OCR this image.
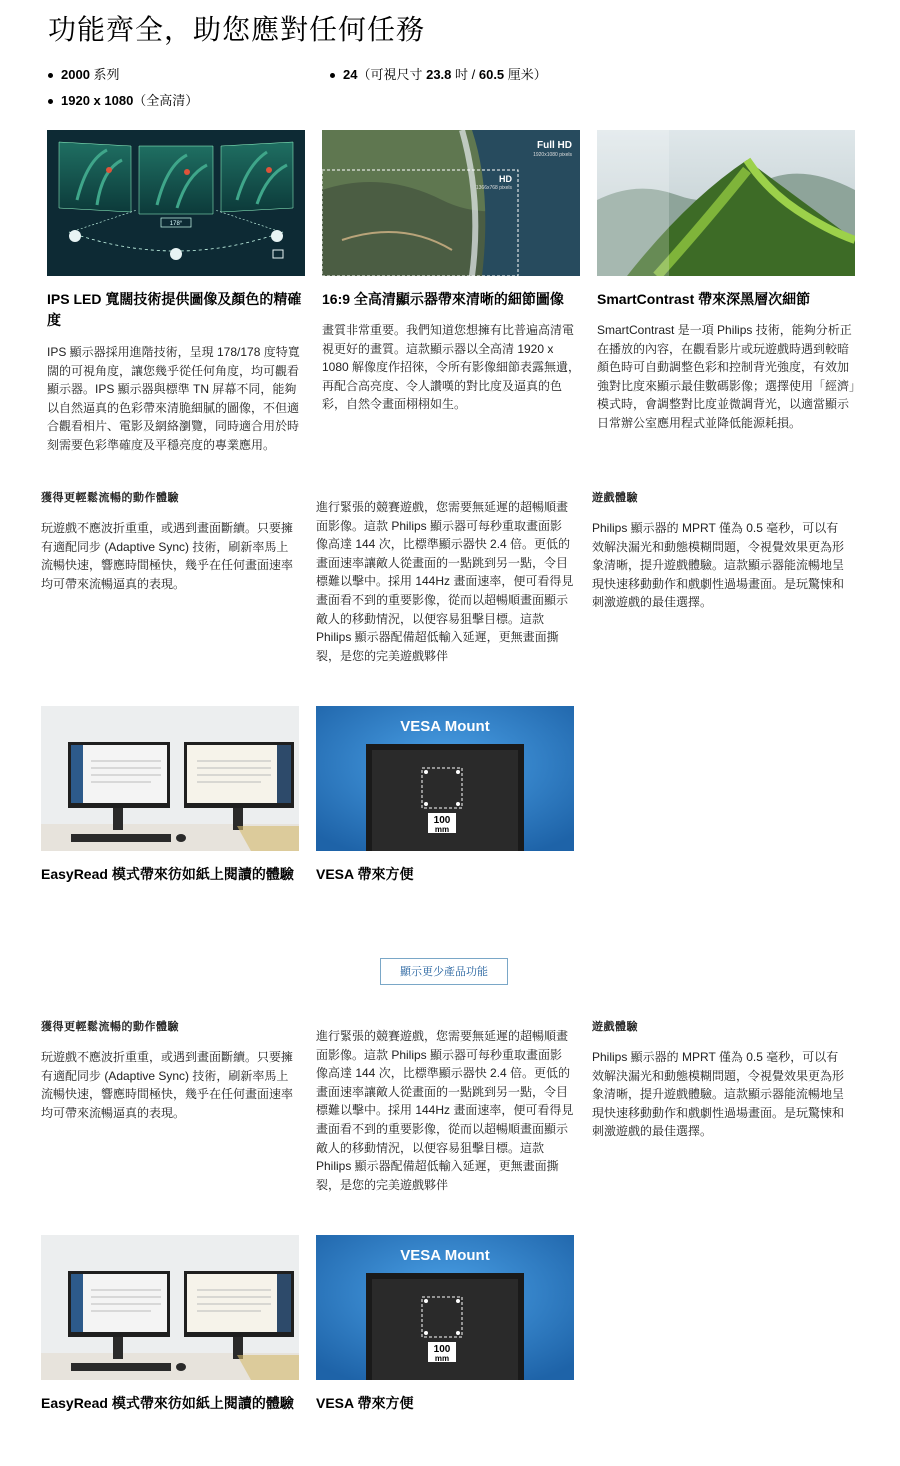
功能齊全，助您應對任何任務
2000 系列	24（可視尺寸 23.8 吋 / 60.5 厘米）
1920 x 1080（全高清）
178°
Full HD
1920x1080 pixels
HD
1366x768 pixels

IPS LED 寬闊技術提供圖像及顏色的精確度

16:9 全高清顯示器帶來清晰的細節圖像	SmartContrast 帶來深黑層次細節

IPS 顯示器採用進階技術，呈現 178/178 度特寬闊的可視角度，讓您幾乎從任何角度，均可觀看顯示器。IPS 顯示器與標準 TN 屏幕不同，能夠以自然逼真的色彩帶來清脆細膩的圖像，不但適合觀看相片、電影及網絡瀏覽，同時適合用於時刻需要色彩準確度及平穩亮度的專業應用。

畫質非常重要。我們知道您想擁有比普遍高清電視更好的畫質。這款顯示器以全高清 1920 x 1080 解像度作招徠，令所有影像細節表露無遺，再配合高亮度、令人讚嘆的對比度及逼真的色彩，自然令畫面栩栩如生。

SmartContrast 是一項 Philips 技術，能夠分析正在播放的內容，在觀看影片或玩遊戲時遇到較暗顏色時可自動調整色彩和控制背光強度，有效加強對比度來顯示最佳數碼影像；選擇使用「經濟」模式時，會調整對比度並微調背光，以適當顯示日常辦公室應用程式並降低能源耗損。

獲得更輕鬆流暢的動作體驗

玩遊戲不應波折重重，或遇到畫面斷續。只要擁有適配同步 (Adaptive Sync) 技術，刷新率馬上流暢快速，響應時間極快，幾乎在任何畫面速率均可帶來流暢逼真的表現。

進行緊張的競賽遊戲，您需要無延遲的超暢順畫面影像。這款 Philips 顯示器可每秒重取畫面影像高達 144 次，比標準顯示器快 2.4 倍。更低的畫面速率讓敵人從畫面的一點跳到另一點，令目標難以擊中。採用 144Hz 畫面速率，便可看得見畫面看不到的重要影像，從而以超暢順畫面顯示敵人的移動情況，以便容易狙擊目標。這款 Philips 顯示器配備超低輸入延遲，更無畫面撕裂，是您的完美遊戲夥伴

遊戲體驗

Philips 顯示器的 MPRT 僅為 0.5 毫秒，可以有效解決漏光和動態模糊問題，令視覺效果更為形象清晰，提升遊戲體驗。這款顯示器能流暢地呈現快速移動動作和戲劇性過場畫面。是玩驚悚和刺激遊戲的最佳選擇。

VESA Mount
100
mm

EasyRead 模式帶來彷如紙上閱讀的體驗	VESA 帶來方便

顯示更少產品功能

獲得更輕鬆流暢的動作體驗

玩遊戲不應波折重重，或遇到畫面斷續。只要擁有適配同步 (Adaptive Sync) 技術，刷新率馬上流暢快速，響應時間極快，幾乎在任何畫面速率均可帶來流暢逼真的表現。

進行緊張的競賽遊戲，您需要無延遲的超暢順畫面影像。這款 Philips 顯示器可每秒重取畫面影像高達 144 次，比標準顯示器快 2.4 倍。更低的畫面速率讓敵人從畫面的一點跳到另一點，令目標難以擊中。採用 144Hz 畫面速率，便可看得見畫面看不到的重要影像，從而以超暢順畫面顯示敵人的移動情況，以便容易狙擊目標。這款 Philips 顯示器配備超低輸入延遲，更無畫面撕裂，是您的完美遊戲夥伴

遊戲體驗

Philips 顯示器的 MPRT 僅為 0.5 毫秒，可以有效解決漏光和動態模糊問題，令視覺效果更為形象清晰，提升遊戲體驗。這款顯示器能流暢地呈現快速移動動作和戲劇性過場畫面。是玩驚悚和刺激遊戲的最佳選擇。

VESA Mount
100
mm

EasyRead 模式帶來彷如紙上閱讀的體驗	VESA 帶來方便
